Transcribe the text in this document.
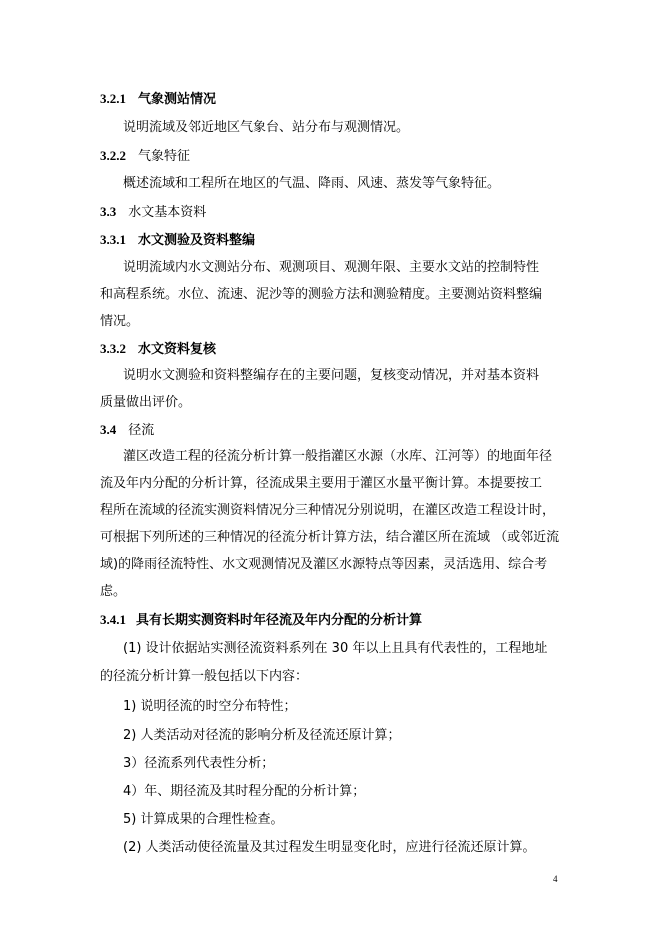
3.2.1 气象测站情况
说明流域及邻近地区气象台、站分布与观测情况。
3.2.2 气象特征
概述流域和工程所在地区的气温、降雨、风速、蒸发等气象特征。
3.3 水文基本资料
3.3.1 水文测验及资料整编
说明流域内水文测站分布、观测项目、观测年限、主要水文站的控制特性
和高程系统。水位、流速、泥沙等的测验方法和测验精度。主要测站资料整编
情况。
3.3.2 水文资料复核
说明水文测验和资料整编存在的主要问题，复核变动情况，并对基本资料
质量做出评价。
3.4 径流
灌区改造工程的径流分析计算一般指灌区水源（水库、江河等）的地面年径
流及年内分配的分析计算，径流成果主要用于灌区水量平衡计算。本提要按工
程所在流域的径流实测资料情况分三种情况分别说明，在灌区改造工程设计时，
可根据下列所述的三种情况的径流分析计算方法，结合灌区所在流域 （或邻近流
域)的降雨径流特性、水文观测情况及灌区水源特点等因素，灵活选用、综合考
虑。
3.4.1 具有长期实测资料时年径流及年内分配的分析计算
(1) 设计依据站实测径流资料系列在 30 年以上且具有代表性的，工程地址
的径流分析计算一般包括以下内容：
1) 说明径流的时空分布特性；
2) 人类活动对径流的影响分析及径流还原计算；
3）径流系列代表性分析；
4）年、期径流及其时程分配的分析计算；
5) 计算成果的合理性检查。
(2) 人类活动使径流量及其过程发生明显变化时，应进行径流还原计算。
4
